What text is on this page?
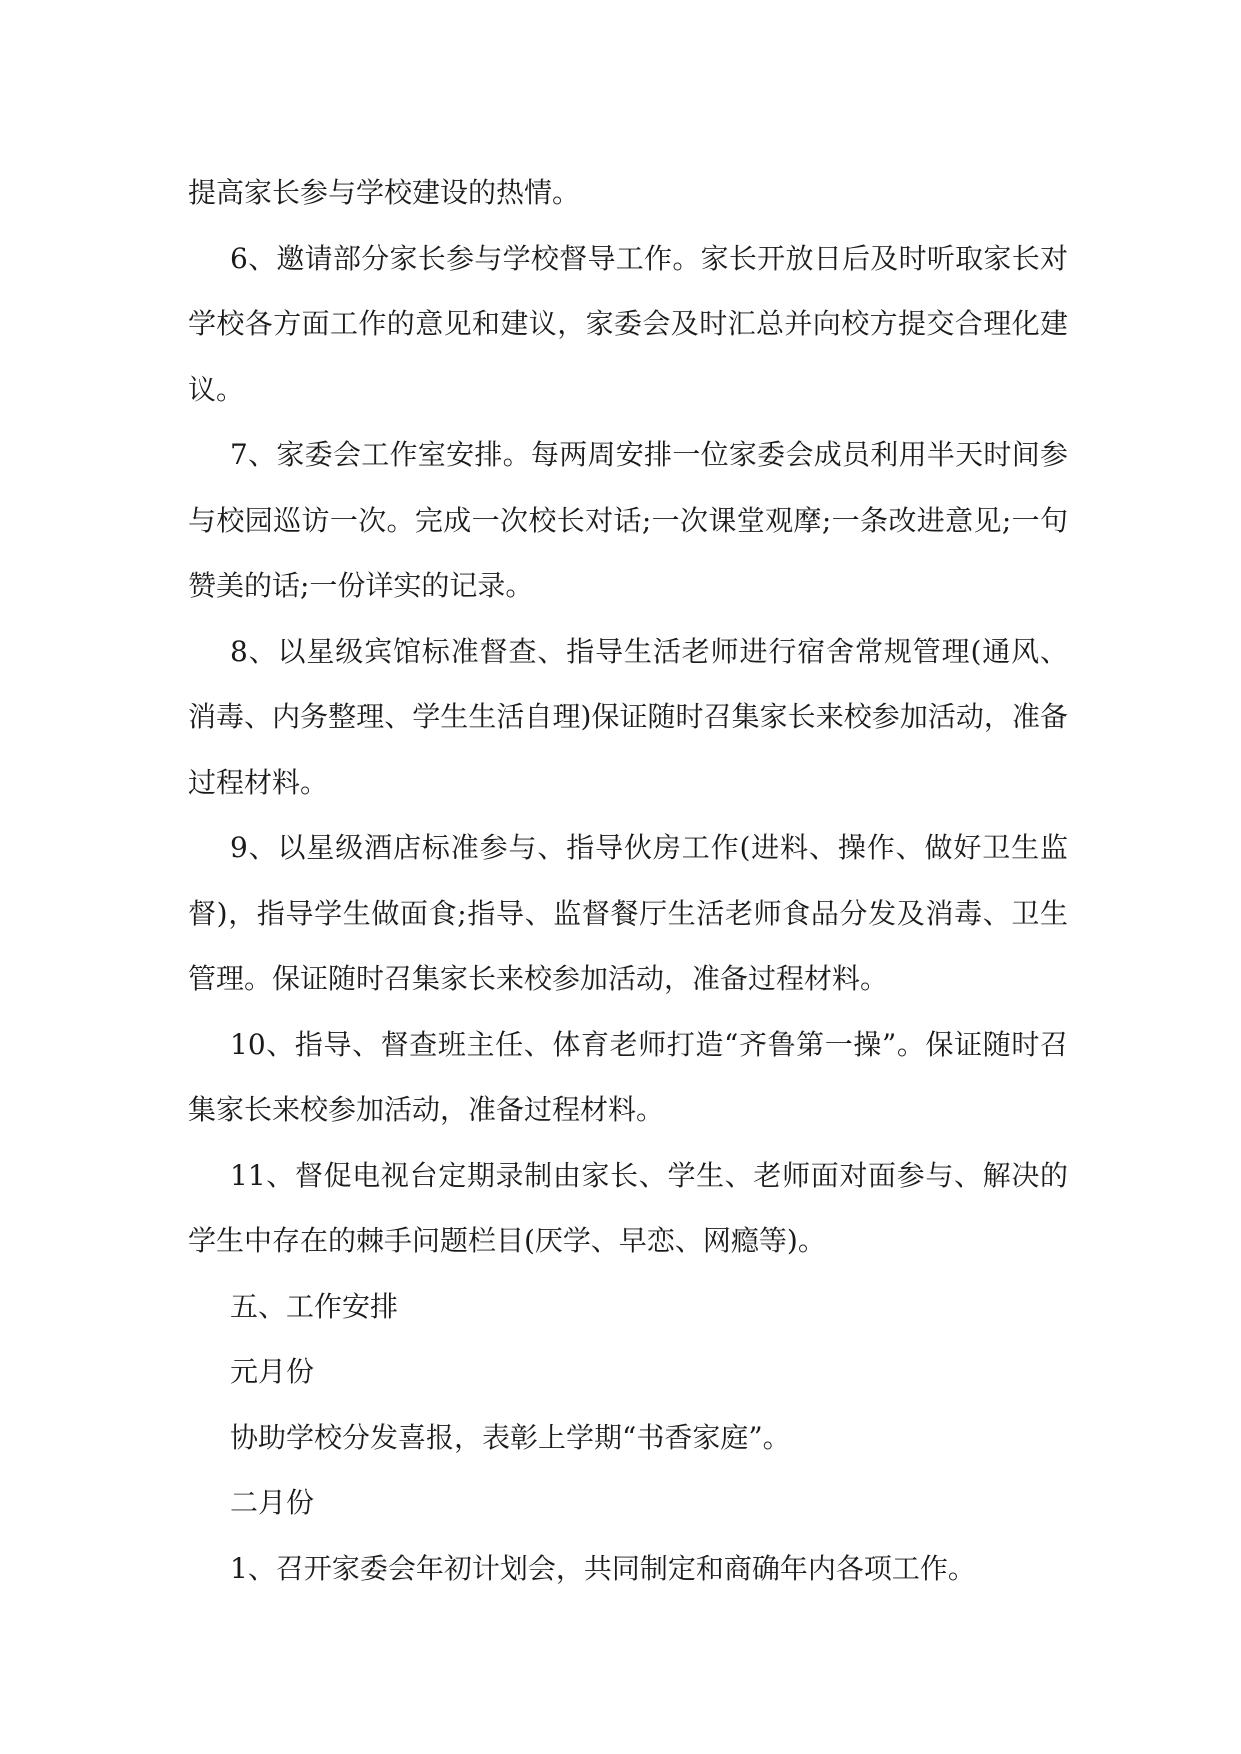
提高家长参与学校建设的热情。

6、邀请部分家长参与学校督导工作。家长开放日后及时听取家长对学校各方面工作的意见和建议，家委会及时汇总并向校方提交合理化建议。

7、家委会工作室安排。每两周安排一位家委会成员利用半天时间参与校园巡访一次。完成一次校长对话;一次课堂观摩;一条改进意见;一句赞美的话;一份详实的记录。

8、以星级宾馆标准督查、指导生活老师进行宿舍常规管理(通风、消毒、内务整理、学生生活自理)保证随时召集家长来校参加活动，准备过程材料。

9、以星级酒店标准参与、指导伙房工作(进料、操作、做好卫生监督)，指导学生做面食;指导、监督餐厅生活老师食品分发及消毒、卫生管理。保证随时召集家长来校参加活动，准备过程材料。

10、指导、督查班主任、体育老师打造“齐鲁第一操”。保证随时召集家长来校参加活动，准备过程材料。

11、督促电视台定期录制由家长、学生、老师面对面参与、解决的学生中存在的棘手问题栏目(厌学、早恋、网瘾等)。

五、工作安排

元月份

协助学校分发喜报，表彰上学期“书香家庭”。

二月份

1、召开家委会年初计划会，共同制定和商确年内各项工作。
